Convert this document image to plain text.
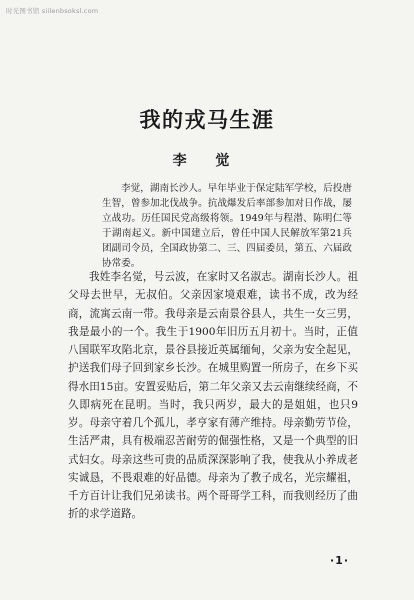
时光图书馆 siilenbsoksl.com
我的戎马生涯
李 觉
李觉，湖南长沙人。早年毕业于保定陆军学校，后投唐生智，曾参加北伐战争。抗战爆发后率部参加对日作战，屡立战功。历任国民党高级将领。1949年与程潜、陈明仁等于湖南起义。新中国建立后，曾任中国人民解放军第21兵团副司令员，全国政协第二、三、四届委员，第五、六届政协常委。
我姓李名觉，号云波，在家时又名淑志。湖南长沙人。祖父母去世早，无叔伯。父亲因家境艰难，读书不成，改为经商，流寓云南一带。我母亲是云南景谷县人，共生一女三男，我是最小的一个。我生于1900年旧历五月初十。当时，正值八国联军攻陷北京，景谷县接近英属缅甸，父亲为安全起见，护送我们母子回到家乡长沙。在城里购置一所房子，在乡下买得水田15亩。安置妥贴后，第二年父亲又去云南继续经商，不久即病死在昆明。当时，我只两岁，最大的是姐姐，也只9岁。母亲守着几个孤儿，孝亨家有薄产维持。母亲勤劳节俭，生活严肃，具有极端忍苦耐劳的倔强性格，又是一个典型的旧式妇女。母亲这些可贵的品质深深影响了我，使我从小养成老实诚恳，不畏艰难的好品德。母亲为了教子成名，光宗耀祖，千方百计让我们兄弟读书。两个哥哥学工科，而我则经历了曲折的求学道路。
·1·
